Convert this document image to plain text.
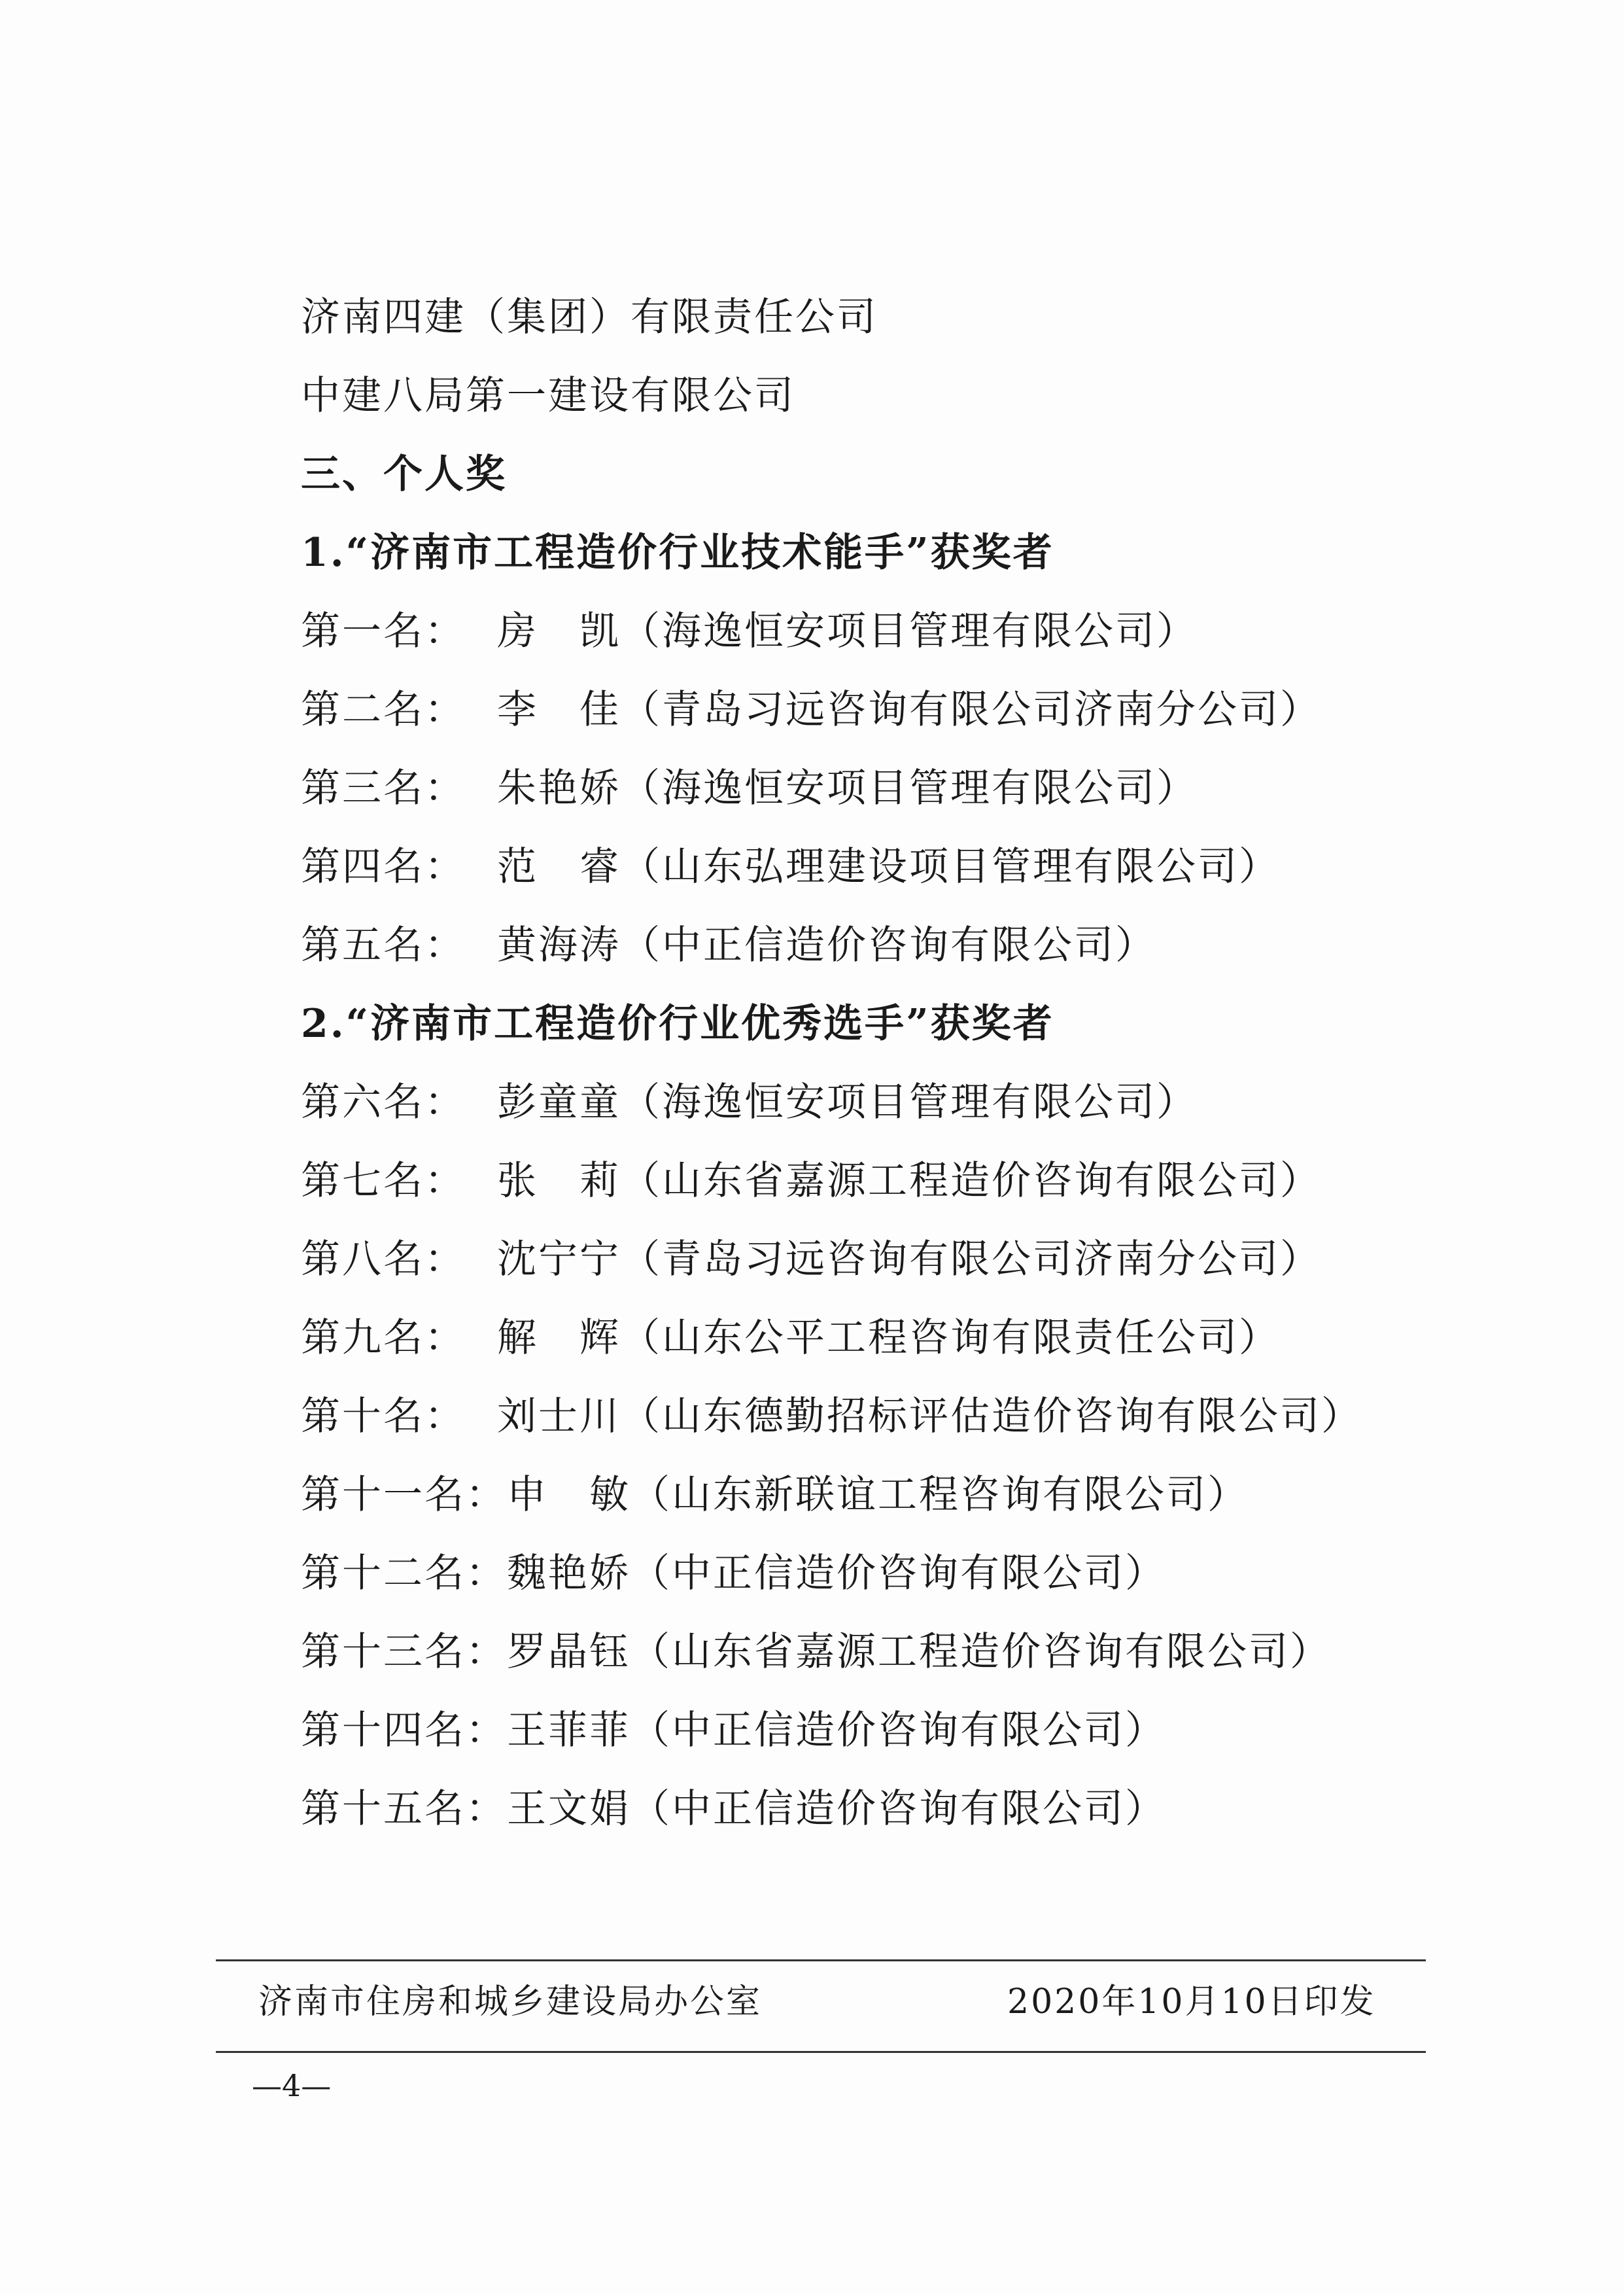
济南四建（集团）有限责任公司
中建八局第一建设有限公司
三、个人奖
1.“济南市工程造价行业技术能手”获奖者
第一名： 房　凯（海逸恒安项目管理有限公司）
第二名： 李　佳（青岛习远咨询有限公司济南分公司）
第三名： 朱艳娇（海逸恒安项目管理有限公司）
第四名： 范　睿（山东弘理建设项目管理有限公司）
第五名： 黄海涛（中正信造价咨询有限公司）
2.“济南市工程造价行业优秀选手”获奖者
第六名： 彭童童（海逸恒安项目管理有限公司）
第七名： 张　莉（山东省嘉源工程造价咨询有限公司）
第八名： 沈宁宁（青岛习远咨询有限公司济南分公司）
第九名： 解　辉（山东公平工程咨询有限责任公司）
第十名： 刘士川（山东德勤招标评估造价咨询有限公司）
第十一名：申　敏（山东新联谊工程咨询有限公司）
第十二名：魏艳娇（中正信造价咨询有限公司）
第十三名：罗晶钰（山东省嘉源工程造价咨询有限公司）
第十四名：王菲菲（中正信造价咨询有限公司）
第十五名：王文娟（中正信造价咨询有限公司）
济南市住房和城乡建设局办公室	2020年10月10日印发
—4—
